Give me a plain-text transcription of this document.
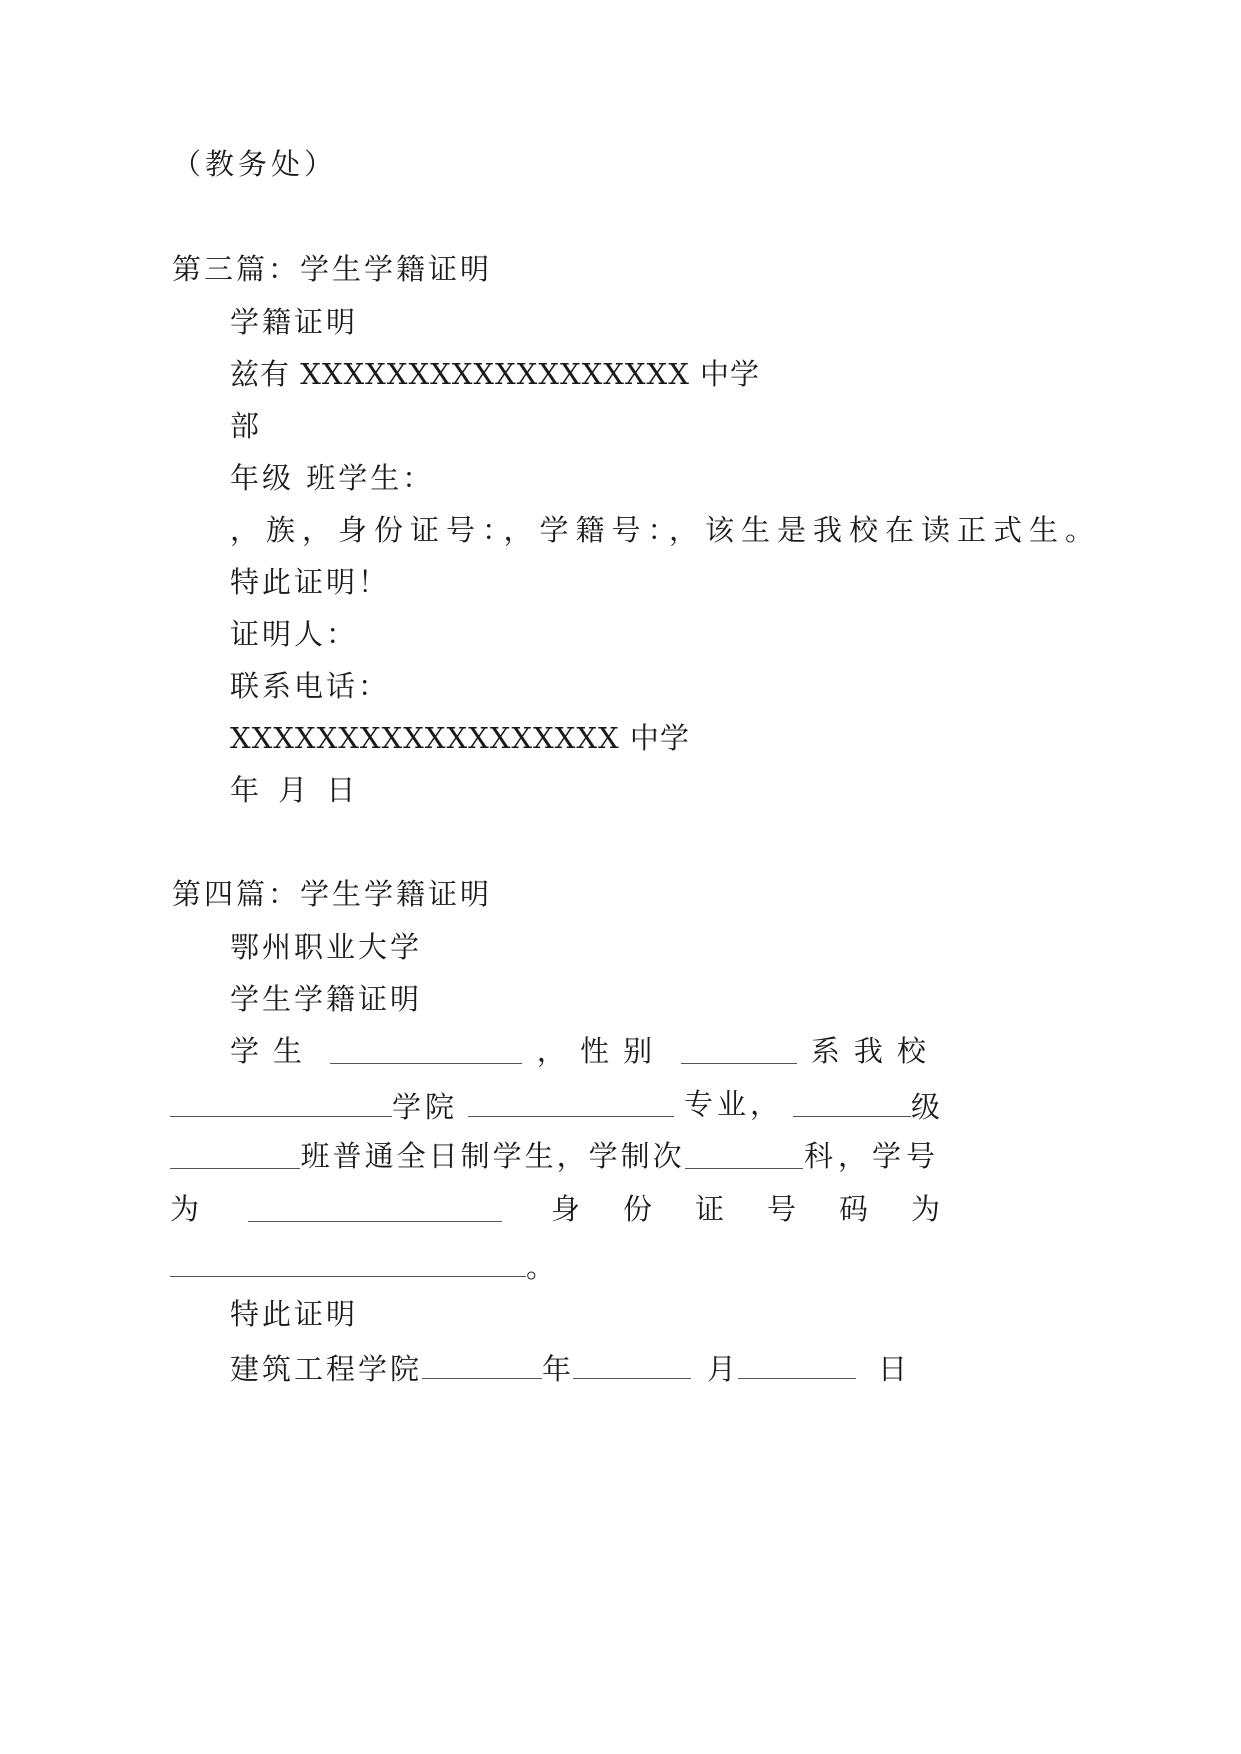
（教务处）
第三篇：学生学籍证明
学籍证明
兹有 XXXXXXXXXXXXXXXXXX 中学
部
年级 班学生：
，族，身份证号：，学籍号：，该生是我校在读正式生。
特此证明！
证明人：
联系电话：
XXXXXXXXXXXXXXXXXX 中学
年 月 日
第四篇：学生学籍证明
鄂州职业大学
学生学籍证明
学生	， 性别	系我校
学院	专业，	级
班普通全日制学生，学制次	科，学号
为	身份证号码为
。
特此证明
建筑工程学院	年	月	日
